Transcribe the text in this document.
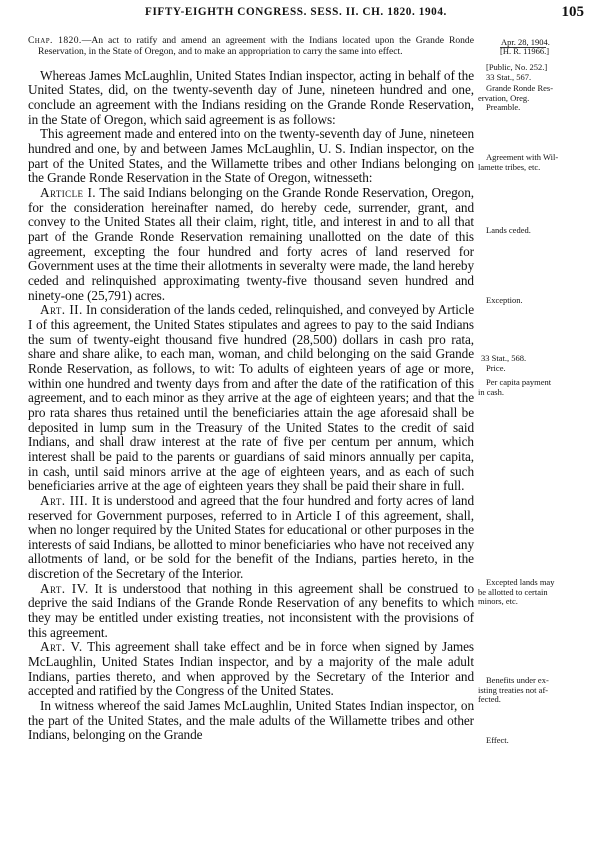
FIFTY-EIGHTH CONGRESS. SESS. II. CH. 1820. 1904.	105

Chap. 1820.—An act to ratify and amend an agreement with the Indians located upon the Grande Ronde Reservation, in the State of Oregon, and to make an appropriation to carry the same into effect.

Whereas James McLaughlin, United States Indian inspector, acting in behalf of the United States, did, on the twenty-seventh day of June, nineteen hundred and one, conclude an agreement with the Indians residing on the Grande Ronde Reservation, in the State of Oregon, which said agreement is as follows:

This agreement made and entered into on the twenty-seventh day of June, nineteen hundred and one, by and between James McLaughlin, U. S. Indian inspector, on the part of the United States, and the Willamette tribes and other Indians belonging on the Grande Ronde Reservation in the State of Oregon, witnesseth:

Article I. The said Indians belonging on the Grande Ronde Reservation, Oregon, for the consideration hereinafter named, do hereby cede, surrender, grant, and convey to the United States all their claim, right, title, and interest in and to all that part of the Grande Ronde Reservation remaining unallotted on the date of this agreement, excepting the four hundred and forty acres of land reserved for Government uses at the time their allotments in severalty were made, the land hereby ceded and relinquished approximating twenty-five thousand seven hundred and ninety-one (25,791) acres.

Art. II. In consideration of the lands ceded, relinquished, and conveyed by Article I of this agreement, the United States stipulates and agrees to pay to the said Indians the sum of twenty-eight thousand five hundred (28,500) dollars in cash pro rata, share and share alike, to each man, woman, and child belonging on the said Grande Ronde Reservation, as follows, to wit: To adults of eighteen years of age or more, within one hundred and twenty days from and after the date of the ratification of this agreement, and to each minor as they arrive at the age of eighteen years; and that the pro rata shares thus retained until the beneficiaries attain the age aforesaid shall be deposited in lump sum in the Treasury of the United States to the credit of said Indians, and shall draw interest at the rate of five per centum per annum, which interest shall be paid to the parents or guardians of said minors annually per capita, in cash, until said minors arrive at the age of eighteen years, and as each of such beneficiaries arrive at the age of eighteen years they shall be paid their share in full.

Art. III. It is understood and agreed that the four hundred and forty acres of land reserved for Government purposes, referred to in Article I of this agreement, shall, when no longer required by the United States for educational or other purposes in the interests of said Indians, be allotted to minor beneficiaries who have not received any allotments of land, or be sold for the benefit of the Indians, parties hereto, in the discretion of the Secretary of the Interior.

Art. IV. It is understood that nothing in this agreement shall be construed to deprive the said Indians of the Grande Ronde Reservation of any benefits to which they may be entitled under existing treaties, not inconsistent with the provisions of this agreement.

Art. V. This agreement shall take effect and be in force when signed by James McLaughlin, United States Indian inspector, and by a majority of the male adult Indians, parties thereto, and when approved by the Secretary of the Interior and accepted and ratified by the Congress of the United States.

In witness whereof the said James McLaughlin, United States Indian inspector, on the part of the United States, and the male adults of the Willamette tribes and other Indians, belonging on the Grande

Apr. 28, 1904.
[H. R. 11966.]
[Public, No. 252.]
33 Stat., 567.
Grande Ronde Res-
ervation, Oreg.
Preamble.
Agreement with Wil-
lamette tribes, etc.
Lands ceded.
Exception.
33 Stat., 568.
Price.
Per capita payment
in cash.
Excepted lands may
be allotted to certain
minors, etc.
Benefits under ex-
isting treaties not af-
fected.
Effect.
